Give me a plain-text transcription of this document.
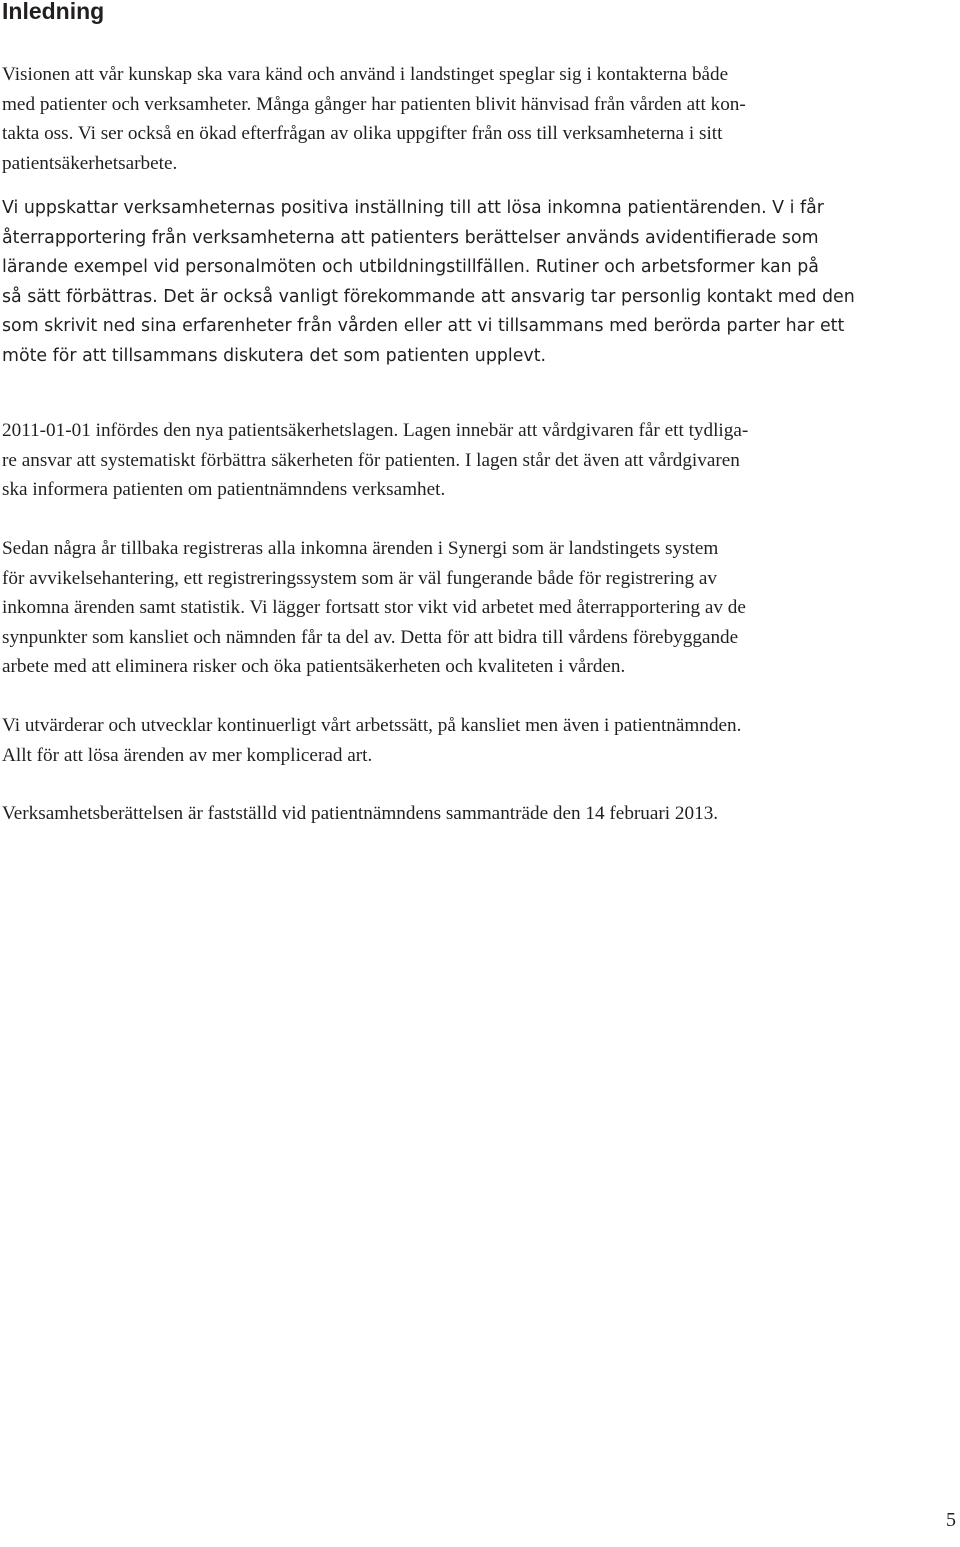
Inledning
Visionen att vår kunskap ska vara känd och använd i landstinget speglar sig i kontakterna både
med patienter och verksamheter. Många gånger har patienten blivit hänvisad från vården att kon-
takta oss. Vi ser också en ökad efterfrågan av olika uppgifter från oss till verksamheterna i sitt
patientsäkerhetsarbete.
Vi uppskattar verksamheternas positiva inställning till att lösa inkomna patientärenden. V i får
återrapportering från verksamheterna att patienters berättelser används avidentifierade som
lärande exempel vid personalmöten och utbildningstillfällen. Rutiner och arbetsformer kan på
så sätt förbättras. Det är också vanligt förekommande att ansvarig tar personlig kontakt med den
som skrivit ned sina erfarenheter från vården eller att vi tillsammans med berörda parter har ett
möte för att tillsammans diskutera det som patienten upplevt.
2011-01-01 infördes den nya patientsäkerhetslagen. Lagen innebär att vårdgivaren får ett tydliga-
re ansvar att systematiskt förbättra säkerheten för patienten. I lagen står det även att vårdgivaren
ska informera patienten om patientnämndens verksamhet.
Sedan några år tillbaka registreras alla inkomna ärenden i Synergi som är landstingets system
för avvikelsehantering, ett registreringssystem som är väl fungerande både för registrering av
inkomna ärenden samt statistik. Vi lägger fortsatt stor vikt vid arbetet med återrapportering av de
synpunkter som kansliet och nämnden får ta del av. Detta för att bidra till vårdens förebyggande
arbete med att eliminera risker och öka patientsäkerheten och kvaliteten i vården.
Vi utvärderar och utvecklar kontinuerligt vårt arbetssätt, på kansliet men även i patientnämnden.
Allt för att lösa ärenden av mer komplicerad art.
Verksamhetsberättelsen är fastställd vid patientnämndens sammanträde den 14 februari 2013.
5
